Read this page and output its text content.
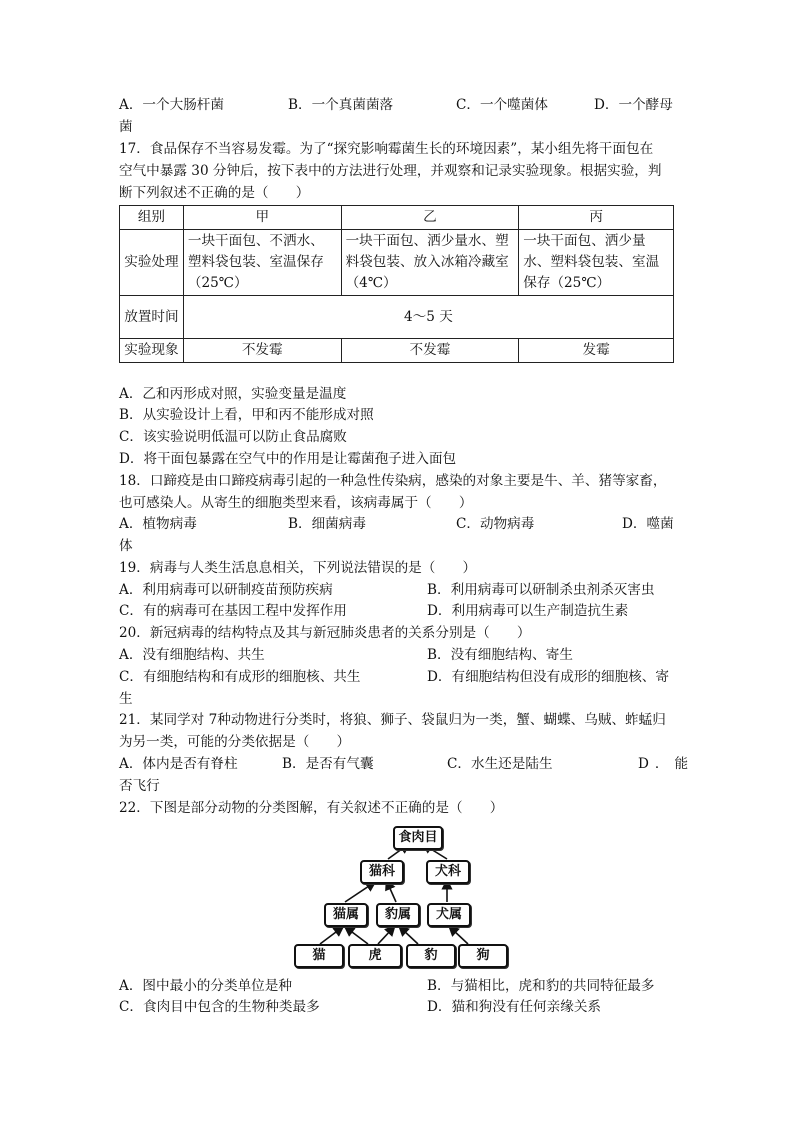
A．一个大肠杆菌	B．一个真菌菌落	C．一个噬菌体	D．一个酵母
菌
17．食品保存不当容易发霉。为了“探究影响霉菌生长的环境因素”，某小组先将干面包在
空气中暴露 30 分钟后，按下表中的方法进行处理，并观察和记录实验现象。根据实验，判
断下列叙述不正确的是（　　）
组别	甲	乙	丙
实验处理	一块干面包、不洒水、塑料袋包装、室温保存（25℃）	一块干面包、洒少量水、塑料袋包装、放入冰箱冷藏室（4℃）	一块干面包、洒少量水、塑料袋包装、室温保存（25℃）
放置时间	4～5 天		
实验现象	不发霉	不发霉	发霉
A．乙和丙形成对照，实验变量是温度
B．从实验设计上看，甲和丙不能形成对照
C．该实验说明低温可以防止食品腐败
D．将干面包暴露在空气中的作用是让霉菌孢子进入面包
18．口蹄疫是由口蹄疫病毒引起的一种急性传染病，感染的对象主要是牛、羊、猪等家畜，
也可感染人。从寄生的细胞类型来看，该病毒属于（　　）
A．植物病毒	B．细菌病毒	C．动物病毒	D．噬菌
体
19．病毒与人类生活息息相关，下列说法错误的是（　　）
A．利用病毒可以研制疫苗预防疾病	B．利用病毒可以研制杀虫剂杀灭害虫
C．有的病毒可在基因工程中发挥作用	D．利用病毒可以生产制造抗生素
20．新冠病毒的结构特点及其与新冠肺炎患者的关系分别是（　　）
A．没有细胞结构、共生	B．没有细胞结构、寄生
C．有细胞结构和有成形的细胞核、共生	D．有细胞结构但没有成形的细胞核、寄
生
21．某同学对 7种动物进行分类时，将狼、狮子、袋鼠归为一类，蟹、蝴蝶、乌贼、蚱蜢归
为另一类，可能的分类依据是（　　）
A．体内是否有脊柱	B．是否有气囊	C．水生还是陆生	D．能
否飞行
22．下图是部分动物的分类图解，有关叙述不正确的是（　　）
食肉目
猫科	犬科
猫属	豹属	犬属
猫	虎	豹	狗
A．图中最小的分类单位是种	B．与猫相比，虎和豹的共同特征最多
C．食肉目中包含的生物种类最多	D．猫和狗没有任何亲缘关系
